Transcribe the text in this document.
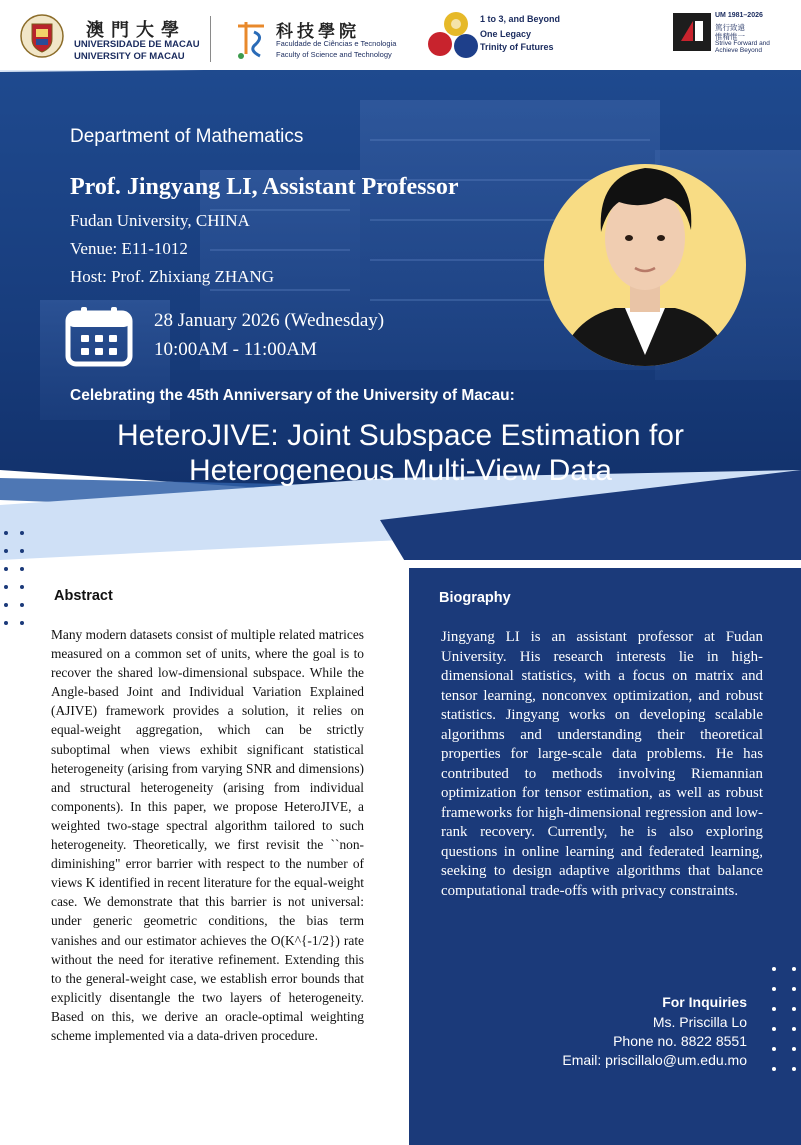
澳門大學
UNIVERSIDADE DE MACAU
UNIVERSITY OF MACAU
科技學院
Faculdade de Ciências e Tecnologia
Faculty of Science and Technology
1 to 3, and Beyond
One Legacy
Trinity of Futures
UM 1981–2026
篤行致遠
惟精惟一
Strive Forward and
Achieve Beyond
Department of Mathematics
Prof. Jingyang LI, Assistant Professor
Fudan University, CHINA
Venue: E11-1012
Host: Prof. Zhixiang ZHANG
28 January 2026 (Wednesday)
10:00AM - 11:00AM
Celebrating the 45th Anniversary of the University of Macau:
HeteroJIVE: Joint Subspace Estimation for
Heterogeneous Multi-View Data
Abstract
Many modern datasets consist of multiple related matrices measured on a common set of units, where the goal is to recover the shared low-dimensional subspace. While the Angle-based Joint and Individual Variation Explained (AJIVE) framework provides a solution, it relies on equal-weight aggregation, which can be strictly suboptimal when views exhibit significant statistical heterogeneity (arising from varying SNR and dimensions) and structural heterogeneity (arising from individual components). In this paper, we propose HeteroJIVE, a weighted two-stage spectral algorithm tailored to such heterogeneity. Theoretically, we first revisit the ``non-diminishing" error barrier with respect to the number of views K identified in recent literature for the equal-weight case. We demonstrate that this barrier is not universal: under generic geometric conditions, the bias term vanishes and our estimator achieves the O(K^{-1/2}) rate without the need for iterative refinement. Extending this to the general-weight case, we establish error bounds that explicitly disentangle the two layers of heterogeneity. Based on this, we derive an oracle-optimal weighting scheme implemented via a data-driven procedure.
Biography
Jingyang LI is an assistant professor at Fudan University. His research interests lie in high-dimensional statistics, with a focus on matrix and tensor learning, nonconvex optimization, and robust statistics. Jingyang works on developing scalable algorithms and understanding their theoretical properties for large-scale data problems. He has contributed to methods involving Riemannian optimization for tensor estimation, as well as robust frameworks for high-dimensional regression and low-rank recovery. Currently, he is also exploring questions in online learning and federated learning, seeking to design adaptive algorithms that balance computational trade-offs with privacy constraints.
For Inquiries
Ms. Priscilla Lo
Phone no. 8822 8551
Email: priscillalo@um.edu.mo
